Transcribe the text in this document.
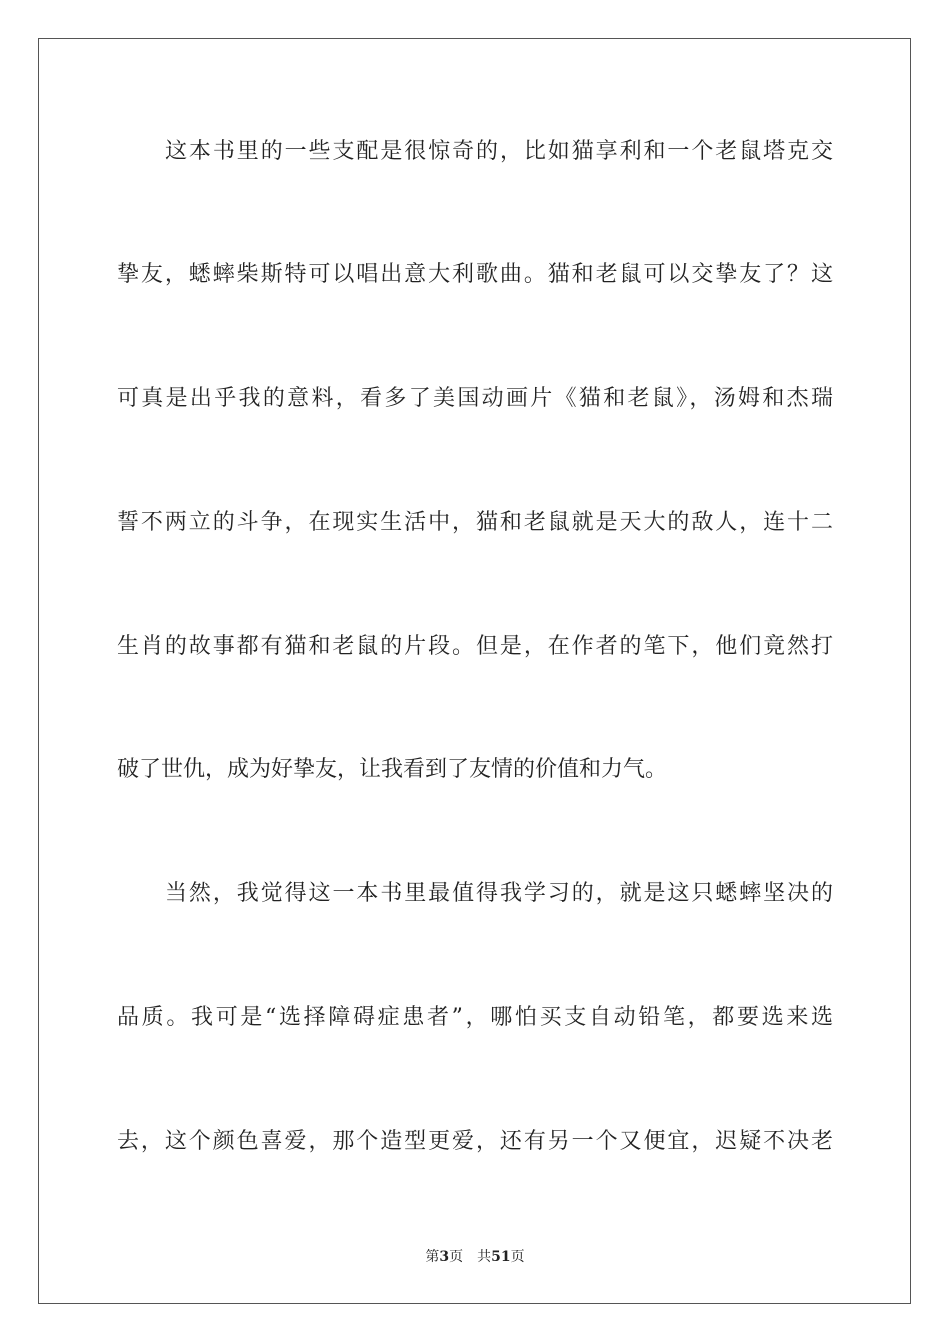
这本书里的一些支配是很惊奇的，比如猫享利和一个老鼠塔克交

挚友，蟋蟀柴斯特可以唱出意大利歌曲。猫和老鼠可以交挚友了？这

可真是出乎我的意料，看多了美国动画片《猫和老鼠》，汤姆和杰瑞

誓不两立的斗争，在现实生活中，猫和老鼠就是天大的敌人，连十二

生肖的故事都有猫和老鼠的片段。但是，在作者的笔下，他们竟然打

破了世仇，成为好挚友，让我看到了友情的价值和力气。

当然，我觉得这一本书里最值得我学习的，就是这只蟋蟀坚决的

品质。我可是“选择障碍症患者”，哪怕买支自动铅笔，都要选来选

去，这个颜色喜爱，那个造型更爱，还有另一个又便宜，迟疑不决老

第3页 共51页
